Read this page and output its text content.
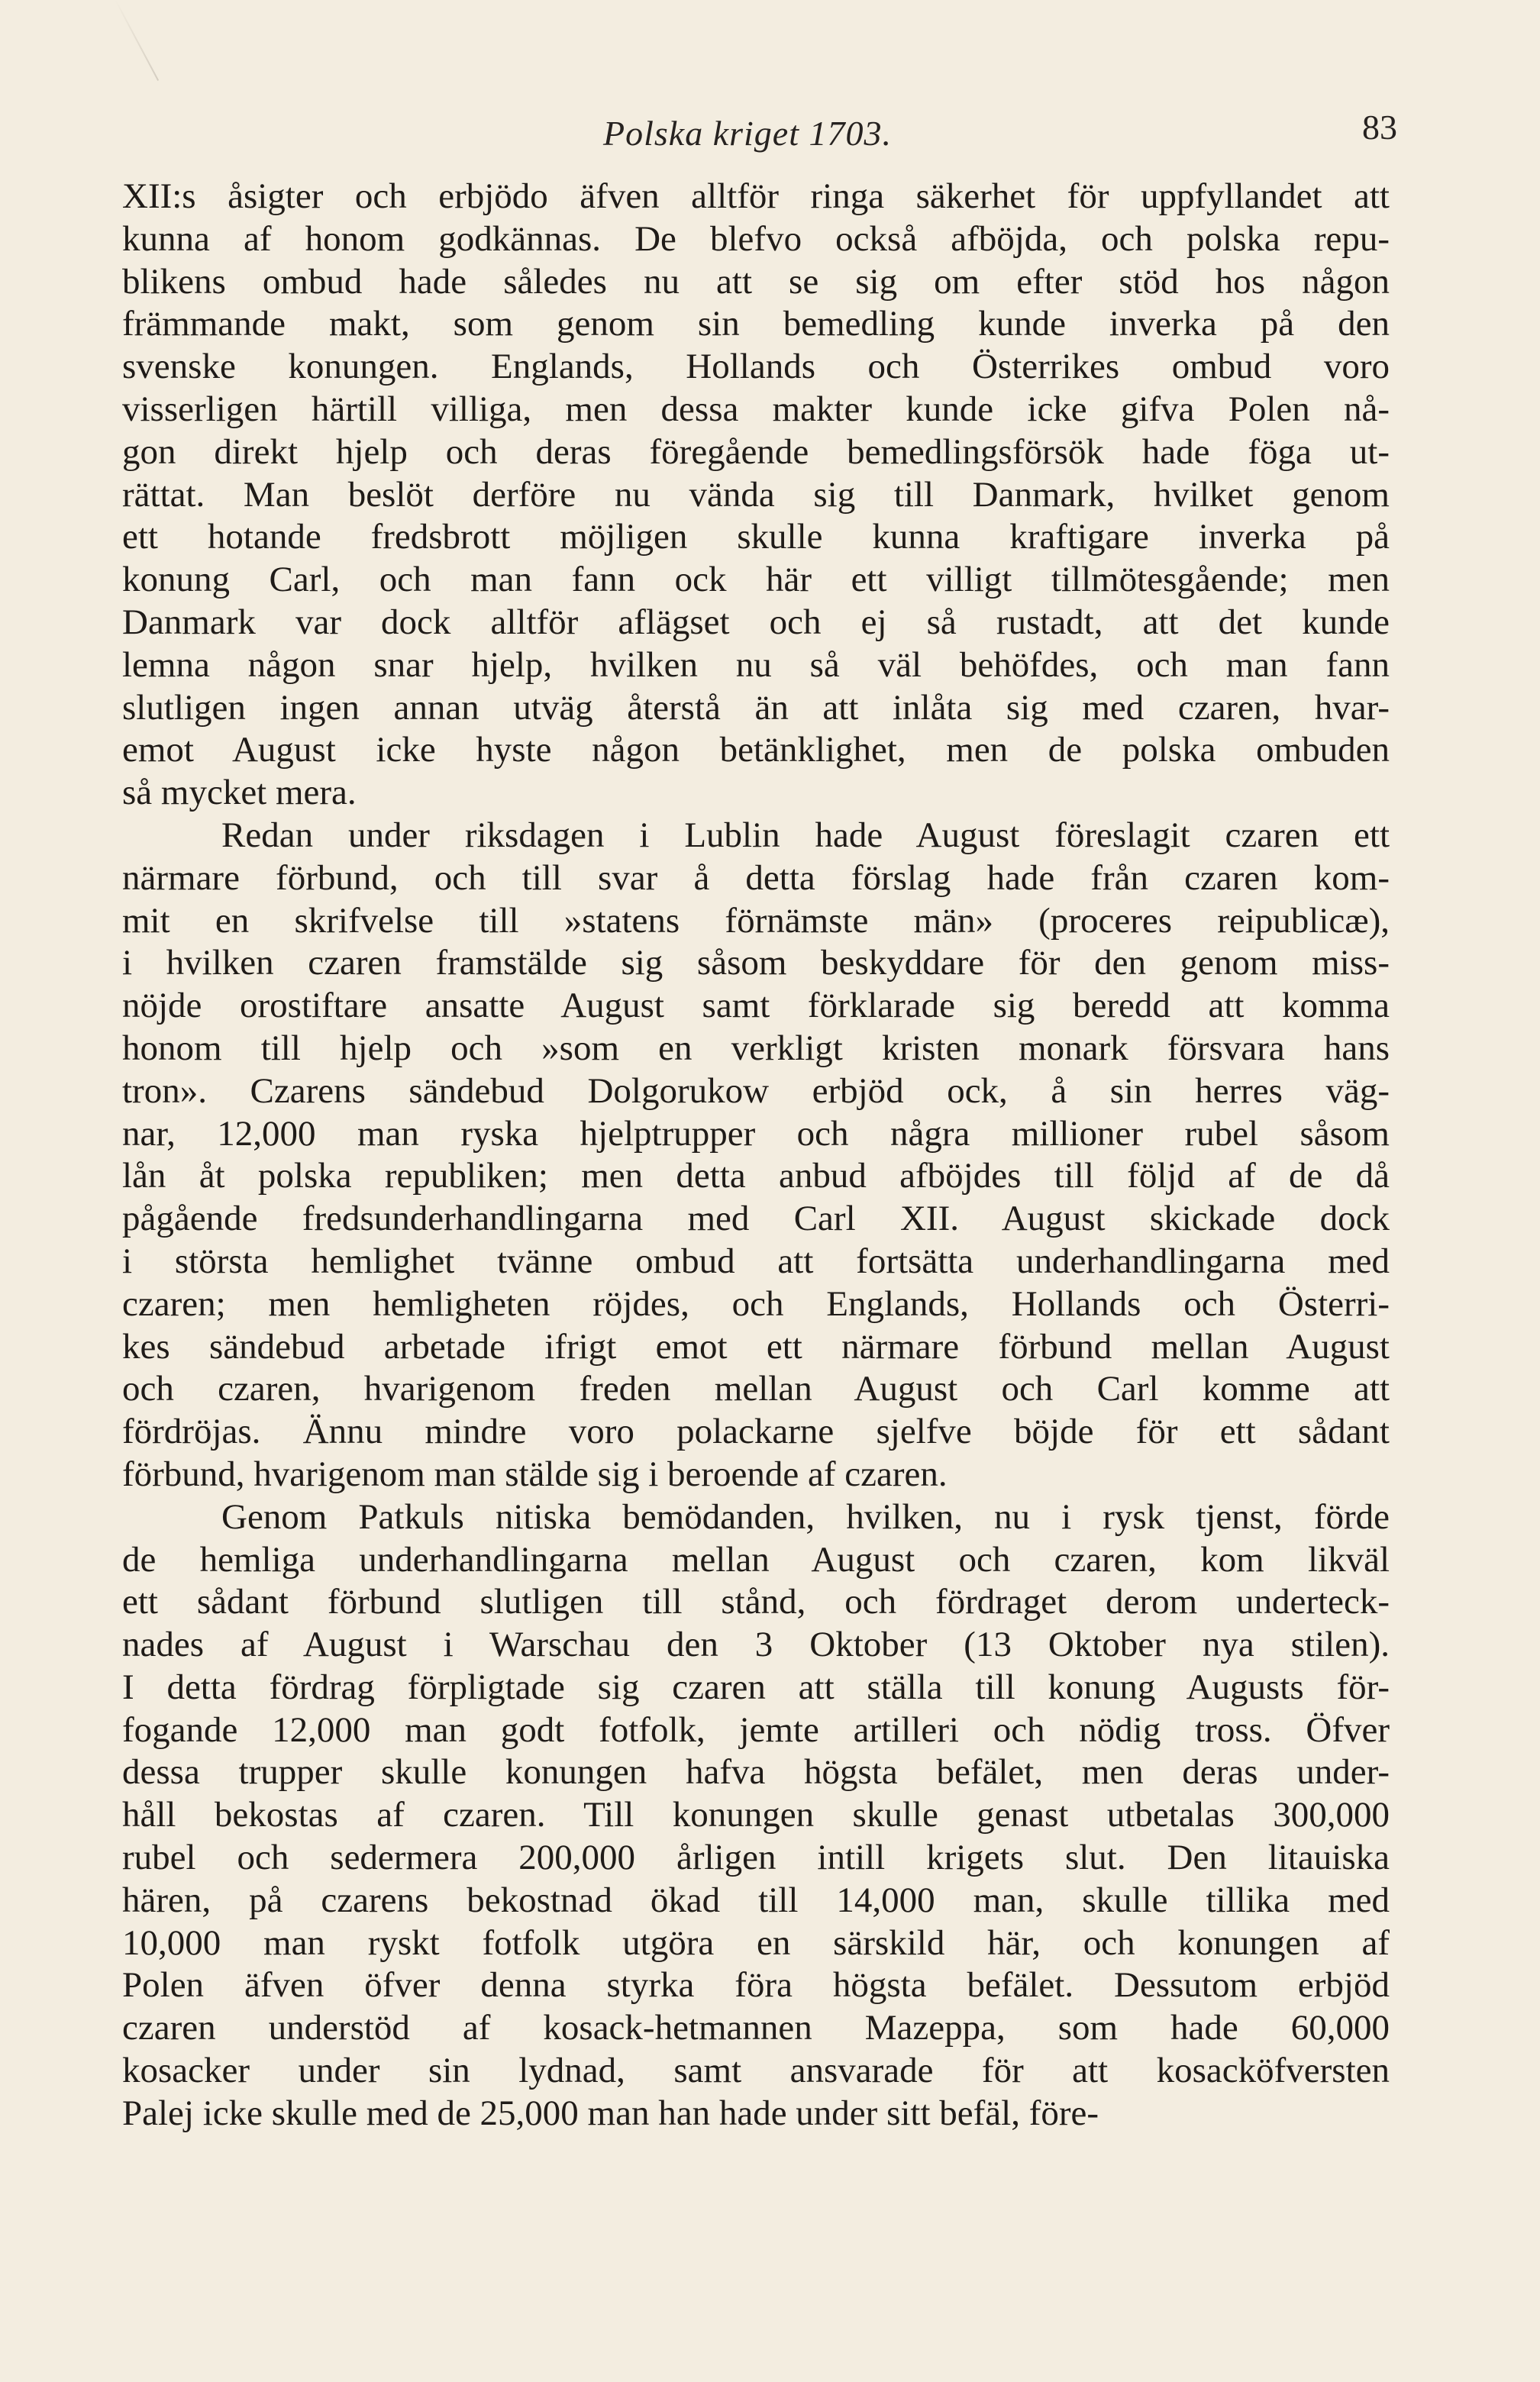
Polska kriget 1703.	83
XII:s åsigter och erbjödo äfven alltför ringa säkerhet för uppfyllandet att
kunna af honom godkännas. De blefvo också afböjda, och polska repu-
blikens ombud hade således nu att se sig om efter stöd hos någon
främmande makt, som genom sin bemedling kunde inverka på den
svenske konungen. Englands, Hollands och Österrikes ombud voro
visserligen härtill villiga, men dessa makter kunde icke gifva Polen nå-
gon direkt hjelp och deras föregående bemedlingsförsök hade föga ut-
rättat. Man beslöt derföre nu vända sig till Danmark, hvilket genom
ett hotande fredsbrott möjligen skulle kunna kraftigare inverka på
konung Carl, och man fann ock här ett villigt tillmötesgående; men
Danmark var dock alltför aflägset och ej så rustadt, att det kunde
lemna någon snar hjelp, hvilken nu så väl behöfdes, och man fann
slutligen ingen annan utväg återstå än att inlåta sig med czaren, hvar-
emot August icke hyste någon betänklighet, men de polska ombuden
så mycket mera.
Redan under riksdagen i Lublin hade August föreslagit czaren ett
närmare förbund, och till svar å detta förslag hade från czaren kom-
mit en skrifvelse till »statens förnämste män» (proceres reipublicæ),
i hvilken czaren framstälde sig såsom beskyddare för den genom miss-
nöjde orostiftare ansatte August samt förklarade sig beredd att komma
honom till hjelp och »som en verkligt kristen monark försvara hans
tron». Czarens sändebud Dolgorukow erbjöd ock, å sin herres väg-
nar, 12,000 man ryska hjelptrupper och några millioner rubel såsom
lån åt polska republiken; men detta anbud afböjdes till följd af de då
pågående fredsunderhandlingarna med Carl XII. August skickade dock
i största hemlighet tvänne ombud att fortsätta underhandlingarna med
czaren; men hemligheten röjdes, och Englands, Hollands och Österri-
kes sändebud arbetade ifrigt emot ett närmare förbund mellan August
och czaren, hvarigenom freden mellan August och Carl komme att
fördröjas. Ännu mindre voro polackarne sjelfve böjde för ett sådant
förbund, hvarigenom man stälde sig i beroende af czaren.
Genom Patkuls nitiska bemödanden, hvilken, nu i rysk tjenst, förde
de hemliga underhandlingarna mellan August och czaren, kom likväl
ett sådant förbund slutligen till stånd, och fördraget derom underteck-
nades af August i Warschau den 3 Oktober (13 Oktober nya stilen).
I detta fördrag förpligtade sig czaren att ställa till konung Augusts för-
fogande 12,000 man godt fotfolk, jemte artilleri och nödig tross. Öfver
dessa trupper skulle konungen hafva högsta befälet, men deras under-
håll bekostas af czaren. Till konungen skulle genast utbetalas 300,000
rubel och sedermera 200,000 årligen intill krigets slut. Den litauiska
hären, på czarens bekostnad ökad till 14,000 man, skulle tillika med
10,000 man ryskt fotfolk utgöra en särskild här, och konungen af
Polen äfven öfver denna styrka föra högsta befälet. Dessutom erbjöd
czaren understöd af kosack-hetmannen Mazeppa, som hade 60,000
kosacker under sin lydnad, samt ansvarade för att kosacköfversten
Palej icke skulle med de 25,000 man han hade under sitt befäl, före-
